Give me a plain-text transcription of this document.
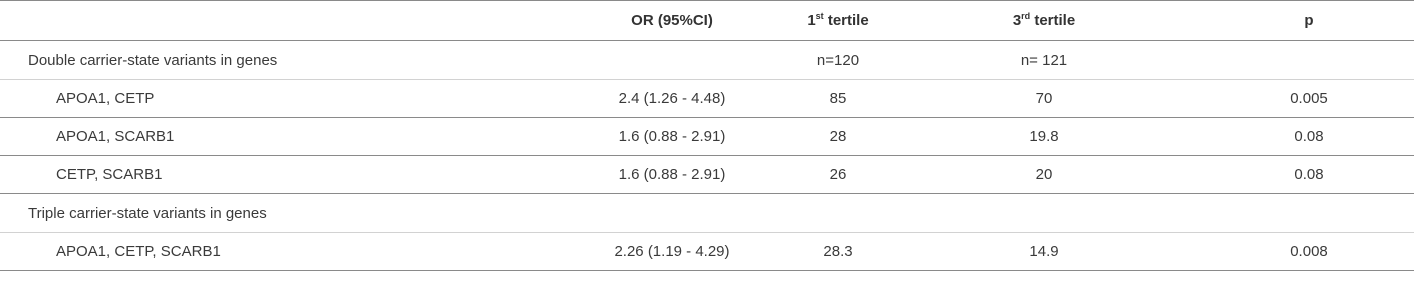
	OR (95%CI)	1st tertile	3rd tertile	p
Double carrier-state variants in genes		n=120	n= 121	
APOA1, CETP	2.4 (1.26 - 4.48)	85	70	0.005
APOA1, SCARB1	1.6 (0.88 - 2.91)	28	19.8	0.08
CETP, SCARB1	1.6 (0.88 - 2.91)	26	20	0.08
Triple carrier-state variants in genes				
APOA1, CETP, SCARB1	2.26 (1.19 - 4.29)	28.3	14.9	0.008
